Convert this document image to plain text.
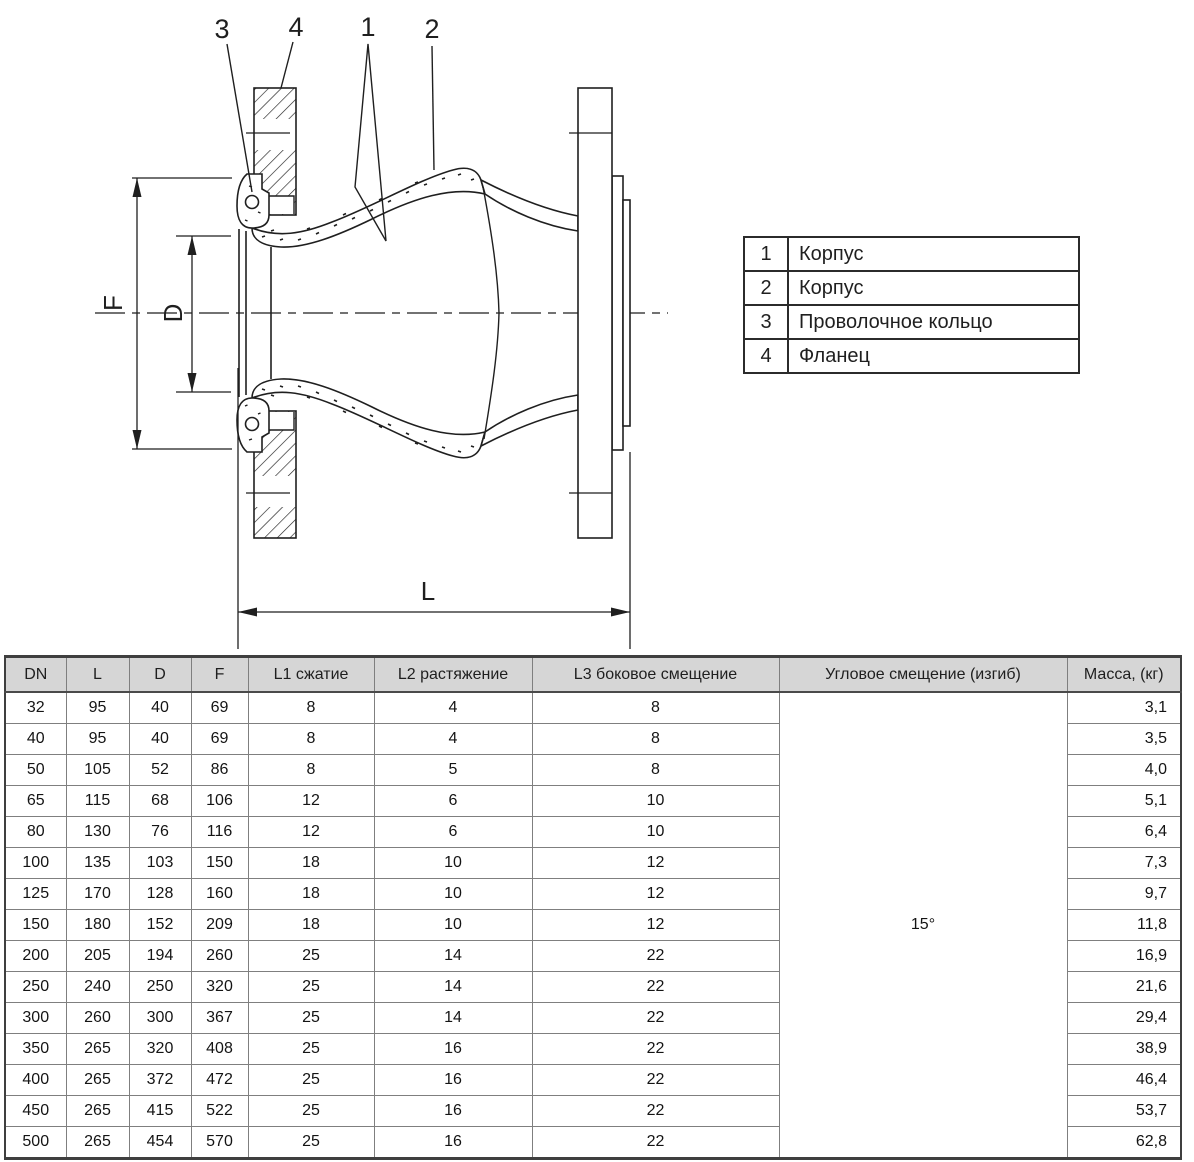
3 4 1 2
F
D
L
1	Корпус
2	Корпус
3	Проволочное кольцо
4	Фланец
DN	L	D	F	L1 сжатие	L2 растяжение	L3 боковое смещение	Угловое смещение (изгиб)	Масса, (кг)
32	95	40	69	8	4	8	15°	3,1
40	95	40	69	8	4	8		3,5
50	105	52	86	8	5	8		4,0
65	115	68	106	12	6	10		5,1
80	130	76	116	12	6	10		6,4
100	135	103	150	18	10	12		7,3
125	170	128	160	18	10	12		9,7
150	180	152	209	18	10	12		11,8
200	205	194	260	25	14	22		16,9
250	240	250	320	25	14	22		21,6
300	260	300	367	25	14	22		29,4
350	265	320	408	25	16	22		38,9
400	265	372	472	25	16	22		46,4
450	265	415	522	25	16	22		53,7
500	265	454	570	25	16	22		62,8
